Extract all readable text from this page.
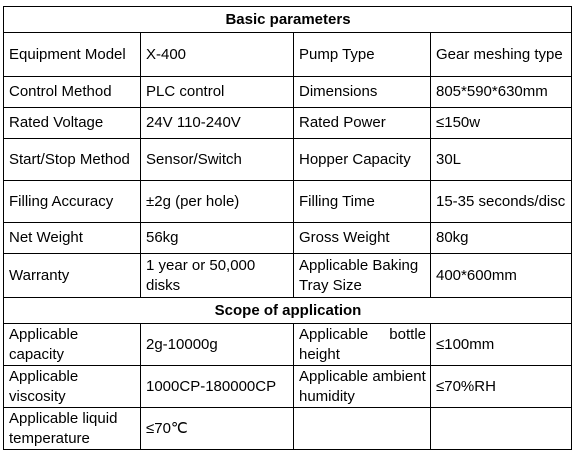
Basic parameters			
Equipment Model	X-400	Pump Type	Gear meshing type
Control Method	PLC control	Dimensions	805*590*630mm
Rated Voltage	24V 110-240V	Rated Power	≤150w
Start/Stop Method	Sensor/Switch	Hopper Capacity	30L
Filling Accuracy	±2g (per hole)	Filling Time	15-35 seconds/disc
Net Weight	56kg	Gross Weight	80kg
Warranty	1 year or 50,000 disks	Applicable Baking Tray Size	400*600mm
Scope of application			
Applicable capacity	2g-10000g	Applicable bottle height	≤100mm
Applicable viscosity	1000CP-180000CP	Applicable ambient humidity	≤70%RH
Applicable liquid temperature	≤70℃		
